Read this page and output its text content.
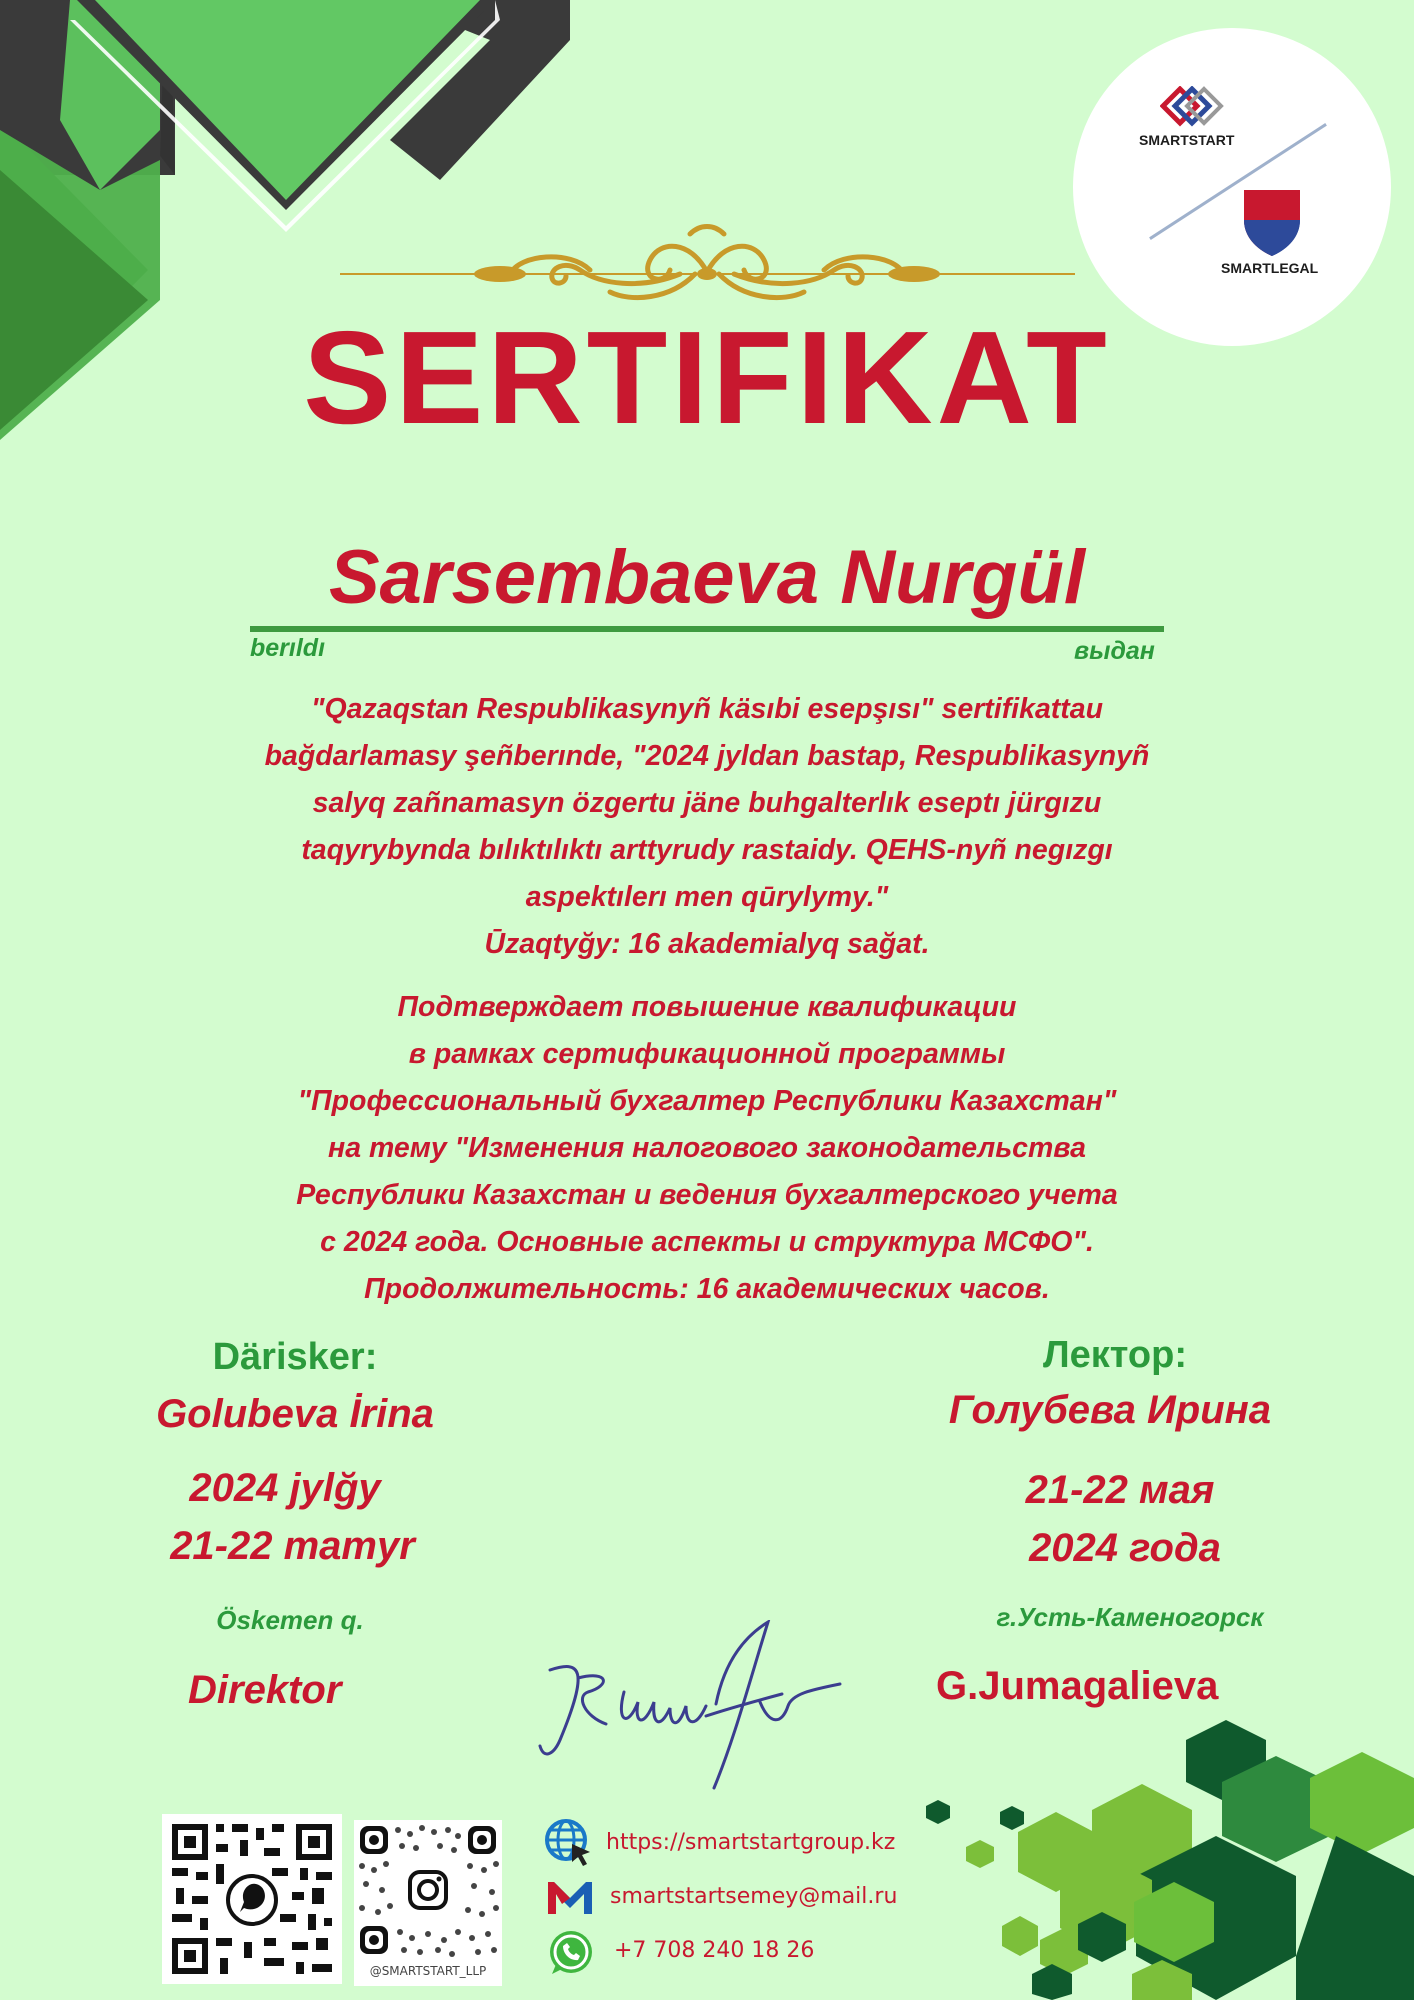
SMARTSTART
SMARTLEGAL
SERTIFIKAT
Sarsembaeva Nurgül
berıldı	выдан
"Qazaqstan Respublikasynyñ käsıbi esepşısı" sertifikattau
bağdarlamasy şeñberınde, "2024 jyldan bastap, Respublikasynyñ
salyq zañnamasyn özgertu jäne buhgalterlık eseptı jürgızu
taqyrybynda bılıktılıktı arttyrudy rastaidy. QEHS-nyñ negızgı
aspektılerı men qūrylymy."
Ūzaqtyğy: 16 akademialyq sağat.
Подтверждает повышение квалификации
в рамках сертификационной программы
"Профессиональный бухгалтер Республики Казахстан"
на тему "Изменения налогового законодательства
Республики Казахстан и ведения бухгалтерского учета
с 2024 года. Основные аспекты и структура МСФО".
Продолжительность: 16 академических часов.
Därisker:
Golubeva İrina
2024 jylğy
21-22 mamyr
Öskemen q.
Direktor
Лектор:
Голубева Ирина
21-22 мая
2024 года
г.Усть-Каменогорск
G.Jumagalieva
@SMARTSTART_LLP
https://smartstartgroup.kz
smartstartsemey@mail.ru
+7 708 240 18 26
